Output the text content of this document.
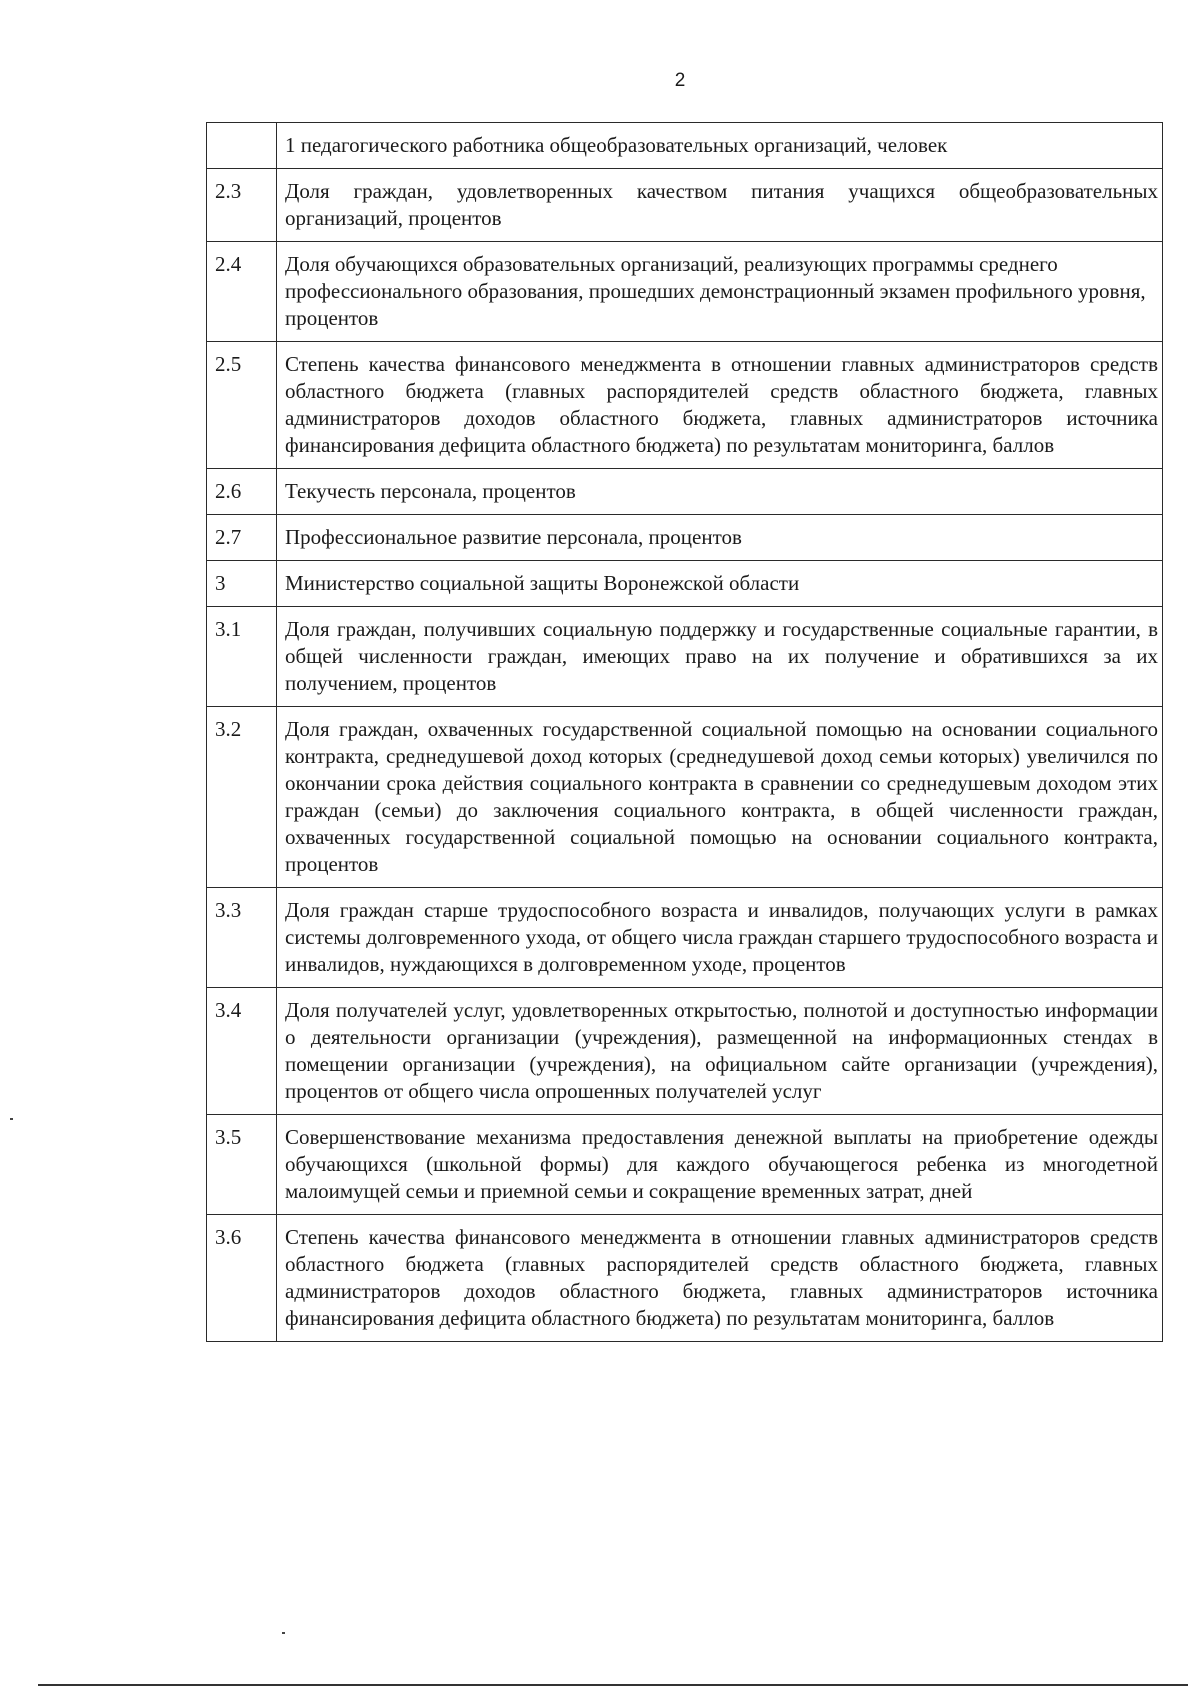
2
	1 педагогического работника общеобразовательных организаций, человек
2.3	Доля граждан, удовлетворенных качеством питания учащихся общеобразовательных организаций, процентов
2.4	Доля обучающихся образовательных организаций, реализующих программы среднего профессионального образования, прошедших демонстрационный экзамен профильного уровня, процентов
2.5	Степень качества финансового менеджмента в отношении главных администраторов средств областного бюджета (главных распорядителей средств областного бюджета, главных администраторов доходов областного бюджета, главных администраторов источника финансирования дефицита областного бюджета) по результатам мониторинга, баллов
2.6	Текучесть персонала, процентов
2.7	Профессиональное развитие персонала, процентов
3	Министерство социальной защиты Воронежской области
3.1	Доля граждан, получивших социальную поддержку и государственные социальные гарантии, в общей численности граждан, имеющих право на их получение и обратившихся за их получением, процентов
3.2	Доля граждан, охваченных государственной социальной помощью на основании социального контракта, среднедушевой доход которых (среднедушевой доход семьи которых) увеличился по окончании срока действия социального контракта в сравнении со среднедушевым доходом этих граждан (семьи) до заключения социального контракта, в общей численности граждан, охваченных государственной социальной помощью на основании социального контракта, процентов
3.3	Доля граждан старше трудоспособного возраста и инвалидов, получающих услуги в рамках системы долговременного ухода, от общего числа граждан старшего трудоспособного возраста и инвалидов, нуждающихся в долговременном уходе, процентов
3.4	Доля получателей услуг, удовлетворенных открытостью, полнотой и доступностью информации о деятельности организации (учреждения), размещенной на информационных стендах в помещении организации (учреждения), на официальном сайте организации (учреждения), процентов от общего числа опрошенных получателей услуг
3.5	Совершенствование механизма предоставления денежной выплаты на приобретение одежды обучающихся (школьной формы) для каждого обучающегося ребенка из многодетной малоимущей семьи и приемной семьи и сокращение временных затрат, дней
3.6	Степень качества финансового менеджмента в отношении главных администраторов средств областного бюджета (главных распорядителей средств областного бюджета, главных администраторов доходов областного бюджета, главных администраторов источника финансирования дефицита областного бюджета) по результатам мониторинга, баллов
